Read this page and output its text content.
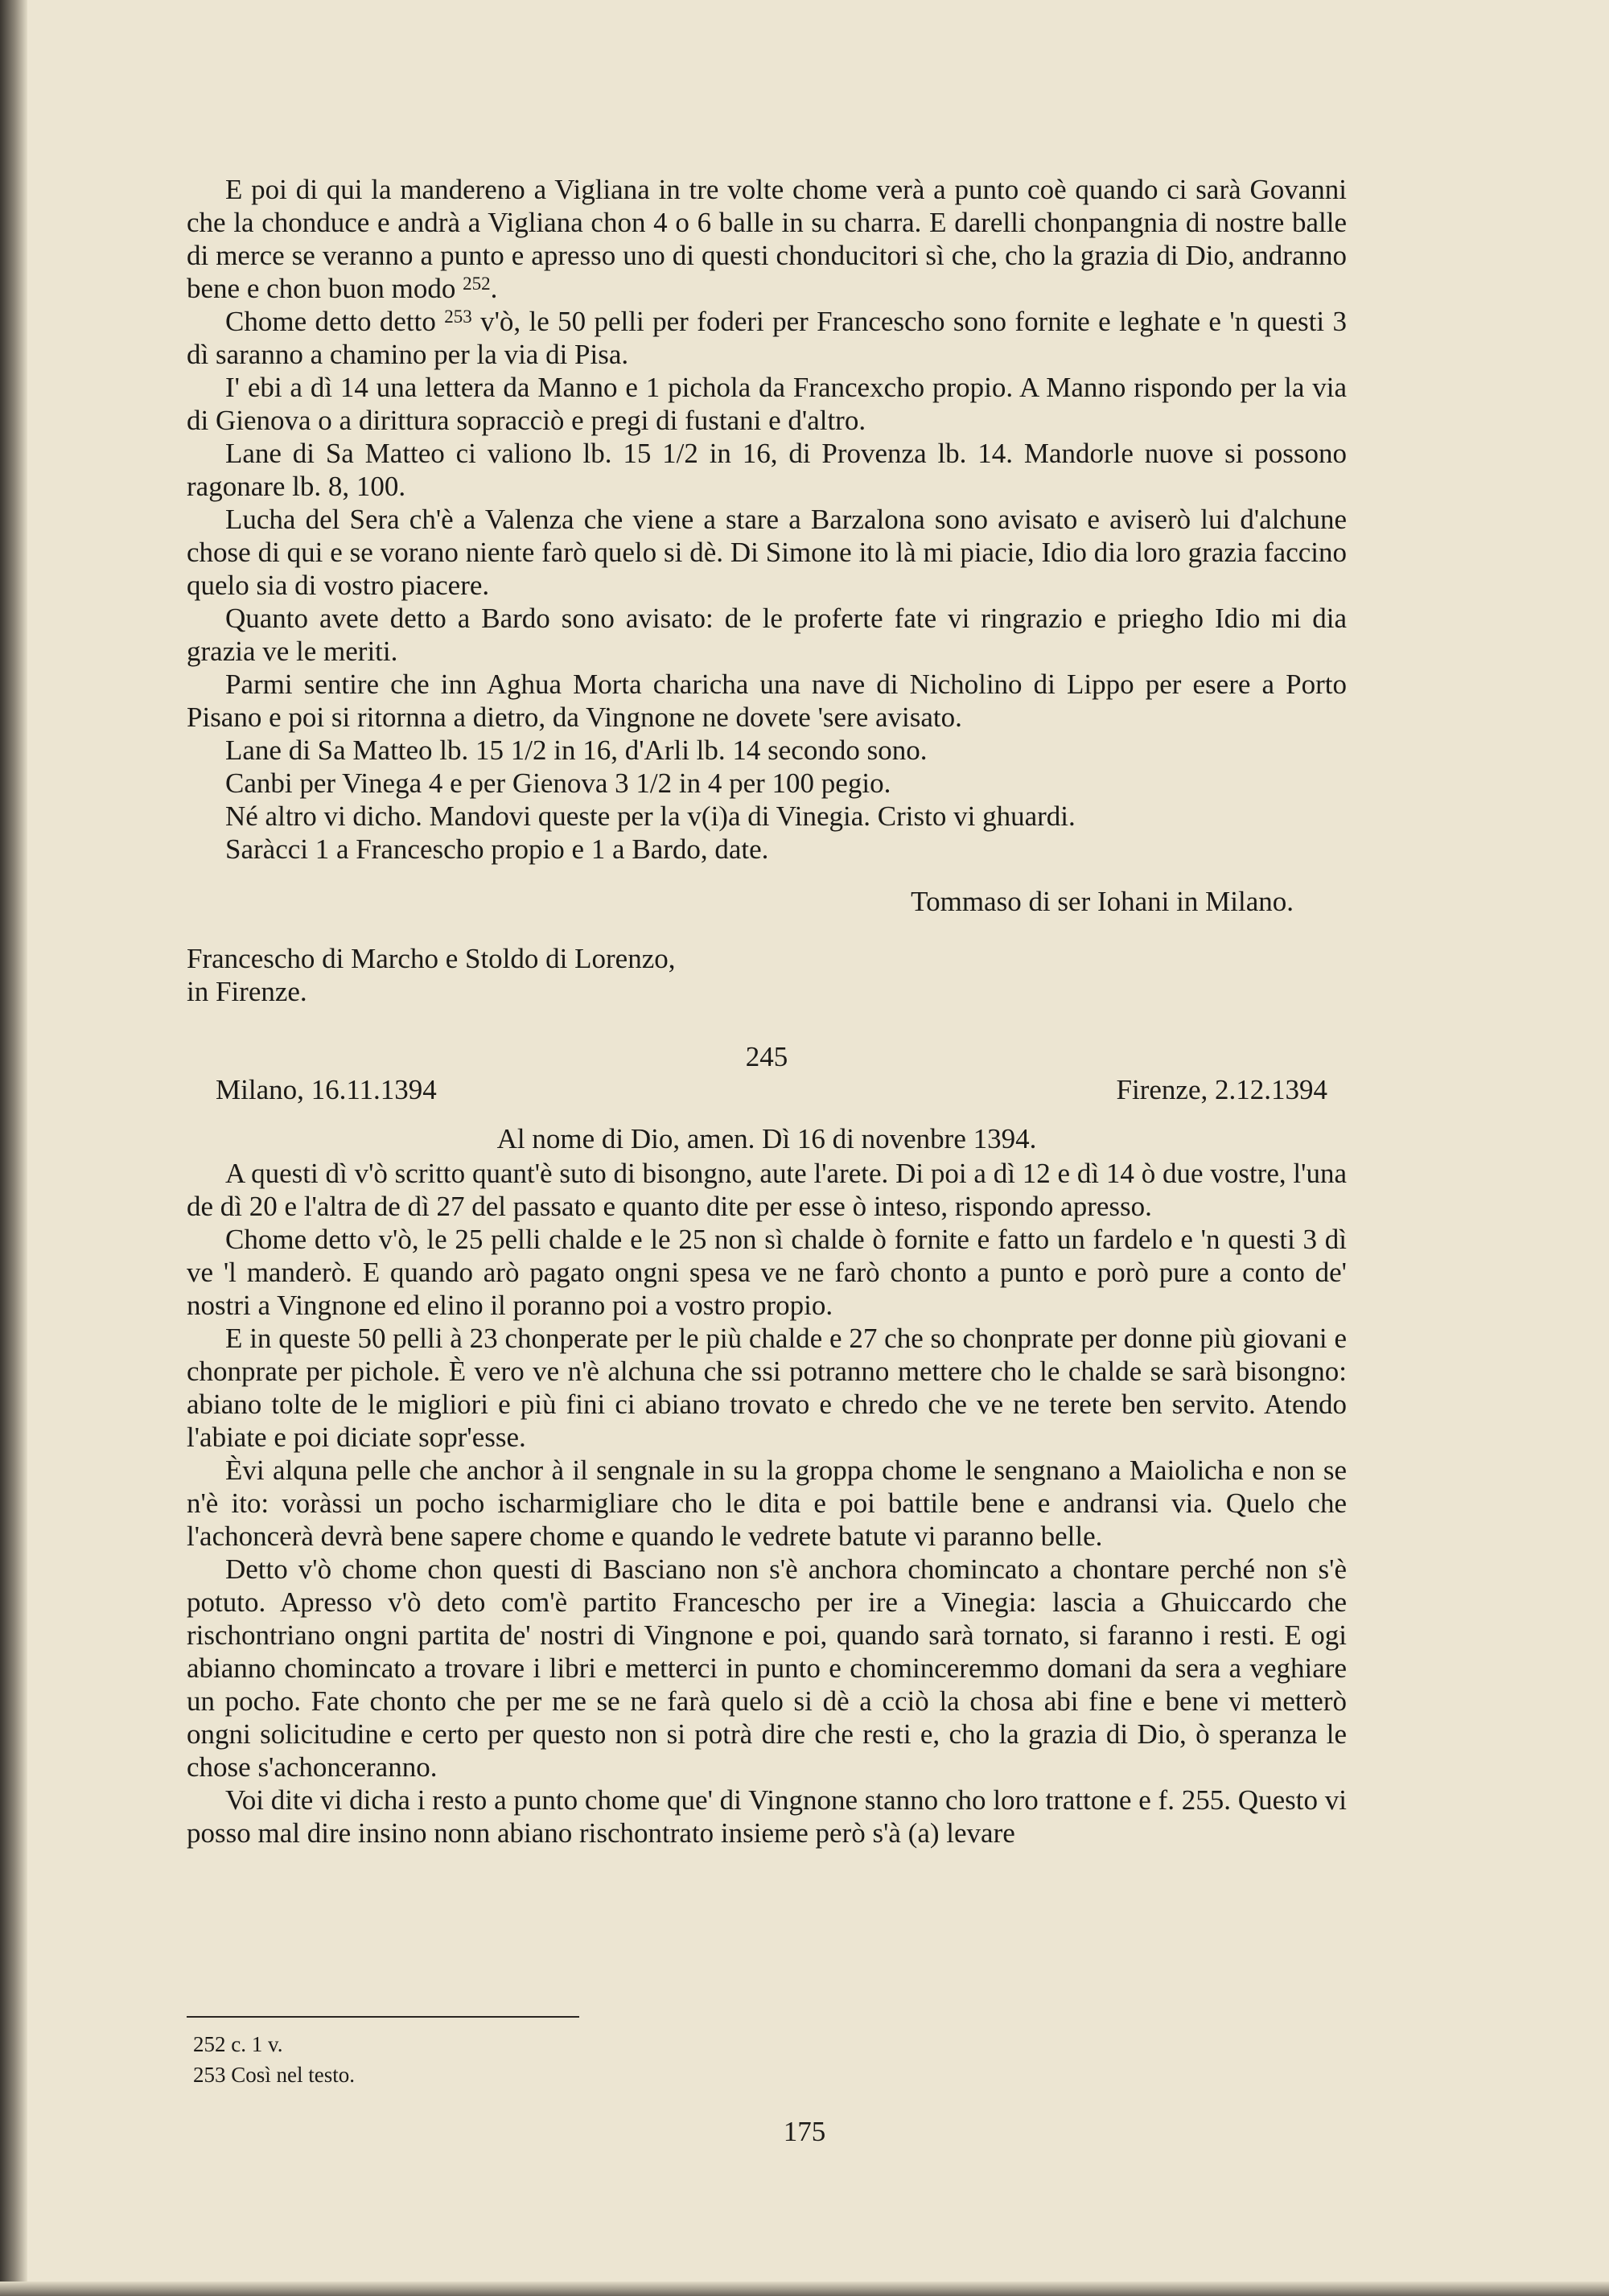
E poi di qui la mandereno a Vigliana in tre volte chome verà a punto coè quando ci sarà Govanni che la chonduce e andrà a Vigliana chon 4 o 6 balle in su charra. E darelli chonpangnia di nostre balle di merce se veranno a punto e apresso uno di questi chonducitori sì che, cho la grazia di Dio, andranno bene e chon buon modo $^{252}$.

Chome detto detto $^{253}$ v'ò, le 50 pelli per foderi per Francescho sono fornite e leghate e 'n questi 3 dì saranno a chamino per la via di Pisa.

I' ebi a dì 14 una lettera da Manno e 1 pichola da Francexcho propio. A Manno rispondo per la via di Gienova o a dirittura sopracciò e pregi di fustani e d'altro.

Lane di Sa Matteo ci valiono lb. 15 1/2 in 16, di Provenza lb. 14. Mandorle nuove si possono ragonare lb. 8, 100.

Lucha del Sera ch'è a Valenza che viene a stare a Barzalona sono avisato e aviserò lui d'alchune chose di qui e se vorano niente farò quelo si dè. Di Simone ito là mi piacie, Idio dia loro grazia faccino quelo sia di vostro piacere.

Quanto avete detto a Bardo sono avisato: de le proferte fate vi ringrazio e priegho Idio mi dia grazia ve le meriti.

Parmi sentire che inn Aghua Morta charicha una nave di Nicholino di Lippo per esere a Porto Pisano e poi si ritornna a dietro, da Vingnone ne dovete 'sere avisato.

Lane di Sa Matteo lb. 15 1/2 in 16, d'Arli lb. 14 secondo sono.

Canbi per Vinega 4 e per Gienova 3 1/2 in 4 per 100 pegio.

Né altro vi dicho. Mandovi queste per la v(i)a di Vinegia. Cristo vi ghuardi.

Saràcci 1 a Francescho propio e 1 a Bardo, date.

Tommaso di ser Iohani in Milano.

Francescho di Marcho e Stoldo di Lorenzo,

in Firenze.

245

Milano, 16.11.1394	Firenze, 2.12.1394

Al nome di Dio, amen. Dì 16 di novenbre 1394.

A questi dì v'ò scritto quant'è suto di bisongno, aute l'arete. Di poi a dì 12 e dì 14 ò due vostre, l'una de dì 20 e l'altra de dì 27 del passato e quanto dite per esse ò inteso, rispondo apresso.

Chome detto v'ò, le 25 pelli chalde e le 25 non sì chalde ò fornite e fatto un fardelo e 'n questi 3 dì ve 'l manderò. E quando arò pagato ongni spesa ve ne farò chonto a punto e porò pure a conto de' nostri a Vingnone ed elino il poranno poi a vostro propio.

E in queste 50 pelli à 23 chonperate per le più chalde e 27 che so chonprate per donne più giovani e chonprate per pichole. È vero ve n'è alchuna che ssi potranno mettere cho le chalde se sarà bisongno: abiano tolte de le migliori e più fini ci abiano trovato e chredo che ve ne terete ben servito. Atendo l'abiate e poi diciate sopr'esse.

Èvi alquna pelle che anchor à il sengnale in su la groppa chome le sengnano a Maiolicha e non se n'è ito: voràssi un pocho ischarmigliare cho le dita e poi battile bene e andransi via. Quelo che l'achoncerà devrà bene sapere chome e quando le vedrete batute vi paranno belle.

Detto v'ò chome chon questi di Basciano non s'è anchora chomincato a chontare perché non s'è potuto. Apresso v'ò deto com'è partito Francescho per ire a Vinegia: lascia a Ghuiccardo che rischontriano ongni partita de' nostri di Vingnone e poi, quando sarà tornato, si faranno i resti. E ogi abianno chomincato a trovare i libri e metterci in punto e chominceremmo domani da sera a veghiare un pocho. Fate chonto che per me se ne farà quelo si dè a cciò la chosa abi fine e bene vi metterò ongni solicitudine e certo per questo non si potrà dire che resti e, cho la grazia di Dio, ò speranza le chose s'achonceranno.

Voi dite vi dicha i resto a punto chome que' di Vingnone stanno cho loro trattone e f. 255. Questo vi posso mal dire insino nonn abiano rischontrato insieme però s'à (a) levare

252 c. 1 v.

253 Così nel testo.

175
